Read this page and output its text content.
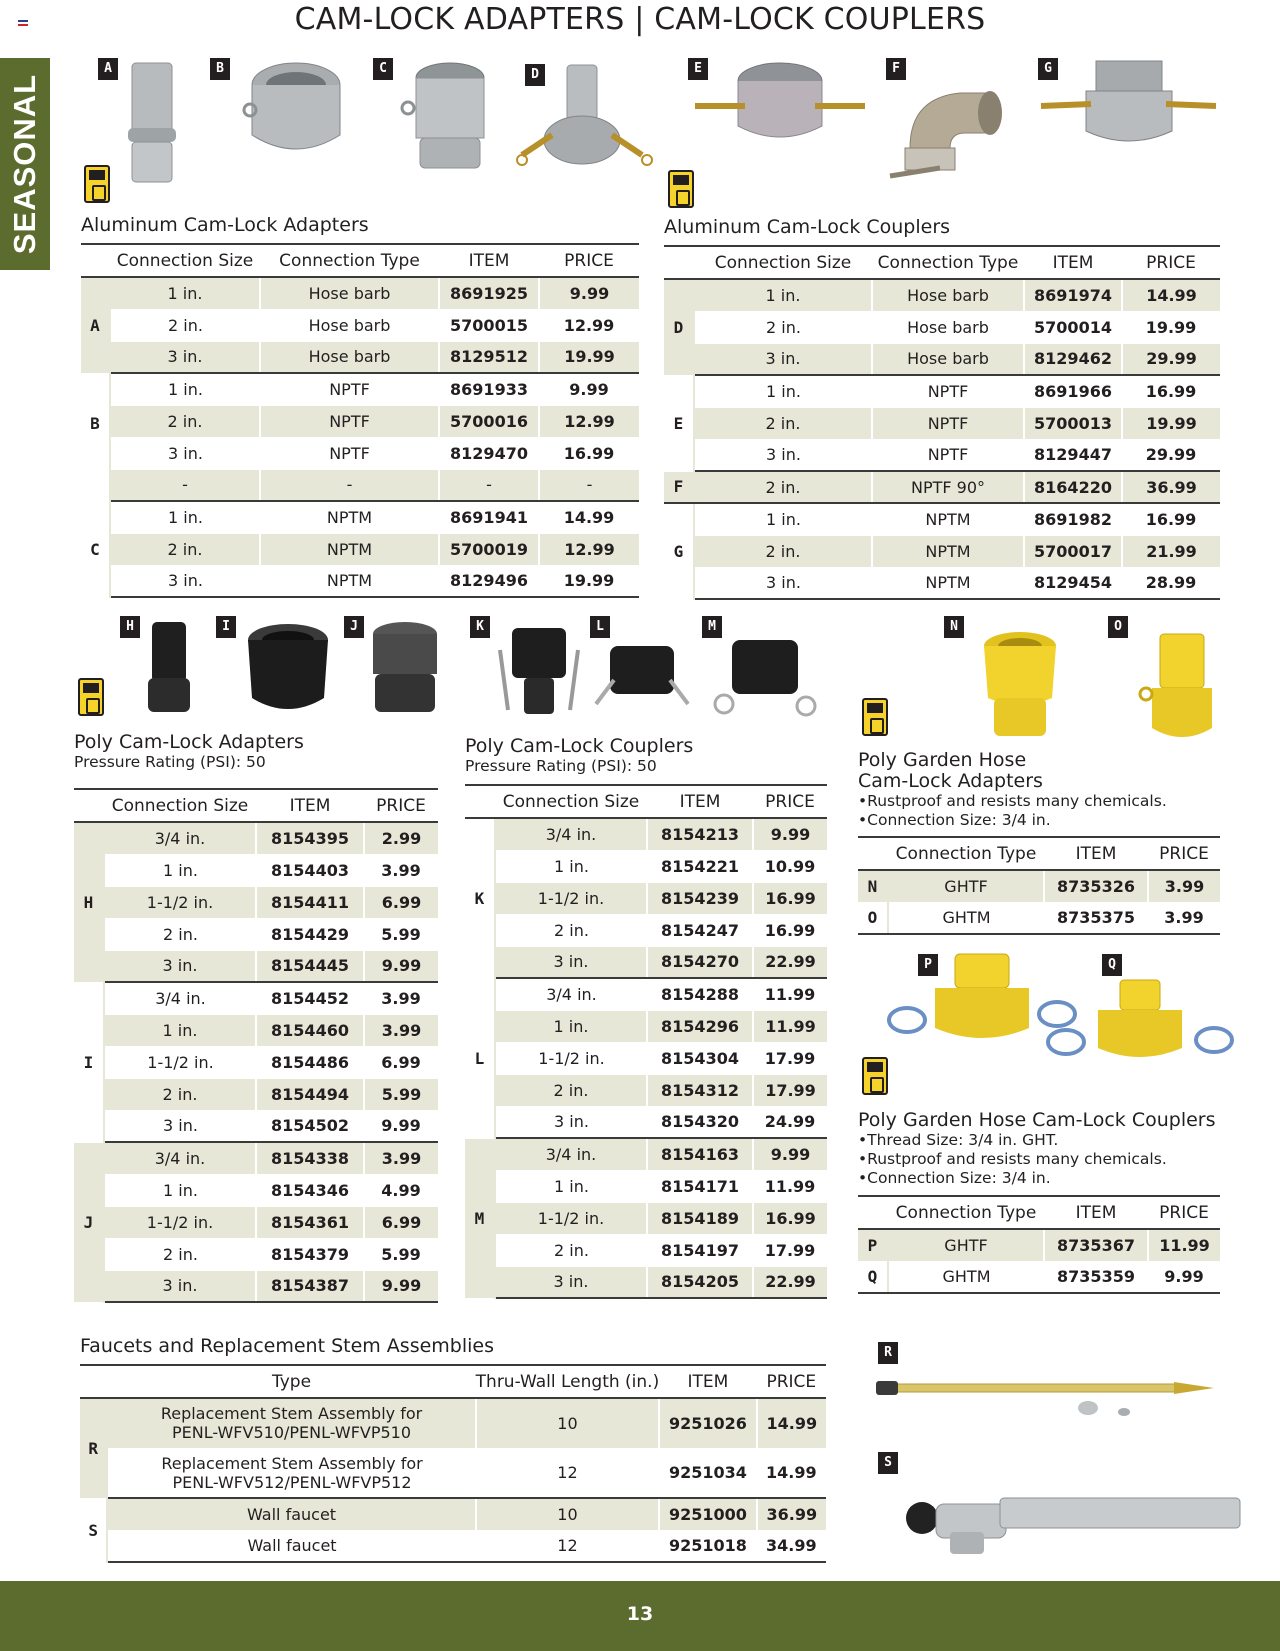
CAM-LOCK ADAPTERS | CAM-LOCK COUPLERS
SEASONAL
A	B	C	D	E	F	G
Aluminum Cam-Lock Adapters
	Connection Size	Connection Type	ITEM	PRICE
A	1 in.	Hose barb	8691925	9.99
	2 in.	Hose barb	5700015	12.99
	3 in.	Hose barb	8129512	19.99
B	1 in.	NPTF	8691933	9.99
	2 in.	NPTF	5700016	12.99
	3 in.	NPTF	8129470	16.99
	-	-	-	-
C	1 in.	NPTM	8691941	14.99
	2 in.	NPTM	5700019	12.99
	3 in.	NPTM	8129496	19.99
Aluminum Cam-Lock Couplers
	Connection Size	Connection Type	ITEM	PRICE
D	1 in.	Hose barb	8691974	14.99
	2 in.	Hose barb	5700014	19.99
	3 in.	Hose barb	8129462	29.99
E	1 in.	NPTF	8691966	16.99
	2 in.	NPTF	5700013	19.99
	3 in.	NPTF	8129447	29.99
F	2 in.	NPTF 90°	8164220	36.99
G	1 in.	NPTM	8691982	16.99
	2 in.	NPTM	5700017	21.99
	3 in.	NPTM	8129454	28.99
H	I	J	K	L	M	N	O
Poly Cam-Lock Adapters
Pressure Rating (PSI): 50
	Connection Size	ITEM	PRICE
H	3/4 in.	8154395	2.99
	1 in.	8154403	3.99
	1-1/2 in.	8154411	6.99
	2 in.	8154429	5.99
	3 in.	8154445	9.99
I	3/4 in.	8154452	3.99
	1 in.	8154460	3.99
	1-1/2 in.	8154486	6.99
	2 in.	8154494	5.99
	3 in.	8154502	9.99
J	3/4 in.	8154338	3.99
	1 in.	8154346	4.99
	1-1/2 in.	8154361	6.99
	2 in.	8154379	5.99
	3 in.	8154387	9.99
Poly Cam-Lock Couplers
Pressure Rating (PSI): 50
	Connection Size	ITEM	PRICE
K	3/4 in.	8154213	9.99
	1 in.	8154221	10.99
	1-1/2 in.	8154239	16.99
	2 in.	8154247	16.99
	3 in.	8154270	22.99
L	3/4 in.	8154288	11.99
	1 in.	8154296	11.99
	1-1/2 in.	8154304	17.99
	2 in.	8154312	17.99
	3 in.	8154320	24.99
M	3/4 in.	8154163	9.99
	1 in.	8154171	11.99
	1-1/2 in.	8154189	16.99
	2 in.	8154197	17.99
	3 in.	8154205	22.99
Poly Garden Hose
Cam-Lock Adapters
•Rustproof and resists many chemicals.
•Connection Size: 3/4 in.
	Connection Type	ITEM	PRICE
N	GHTF	8735326	3.99
O	GHTM	8735375	3.99
P	Q
Poly Garden Hose Cam-Lock Couplers
•Thread Size: 3/4 in. GHT.
•Rustproof and resists many chemicals.
•Connection Size: 3/4 in.
	Connection Type	ITEM	PRICE
P	GHTF	8735367	11.99
Q	GHTM	8735359	9.99
Faucets and Replacement Stem Assemblies
	Type	Thru-Wall Length (in.)	ITEM	PRICE
R	Replacement Stem Assembly for
PENL-WFV510/PENL-WFVP510	10	9251026	14.99

	Replacement Stem Assembly for
PENL-WFV512/PENL-WFVP512	12	9251034	14.99
S	Wall faucet	10	9251000	36.99
	Wall faucet	12	9251018	34.99
R
S
13
